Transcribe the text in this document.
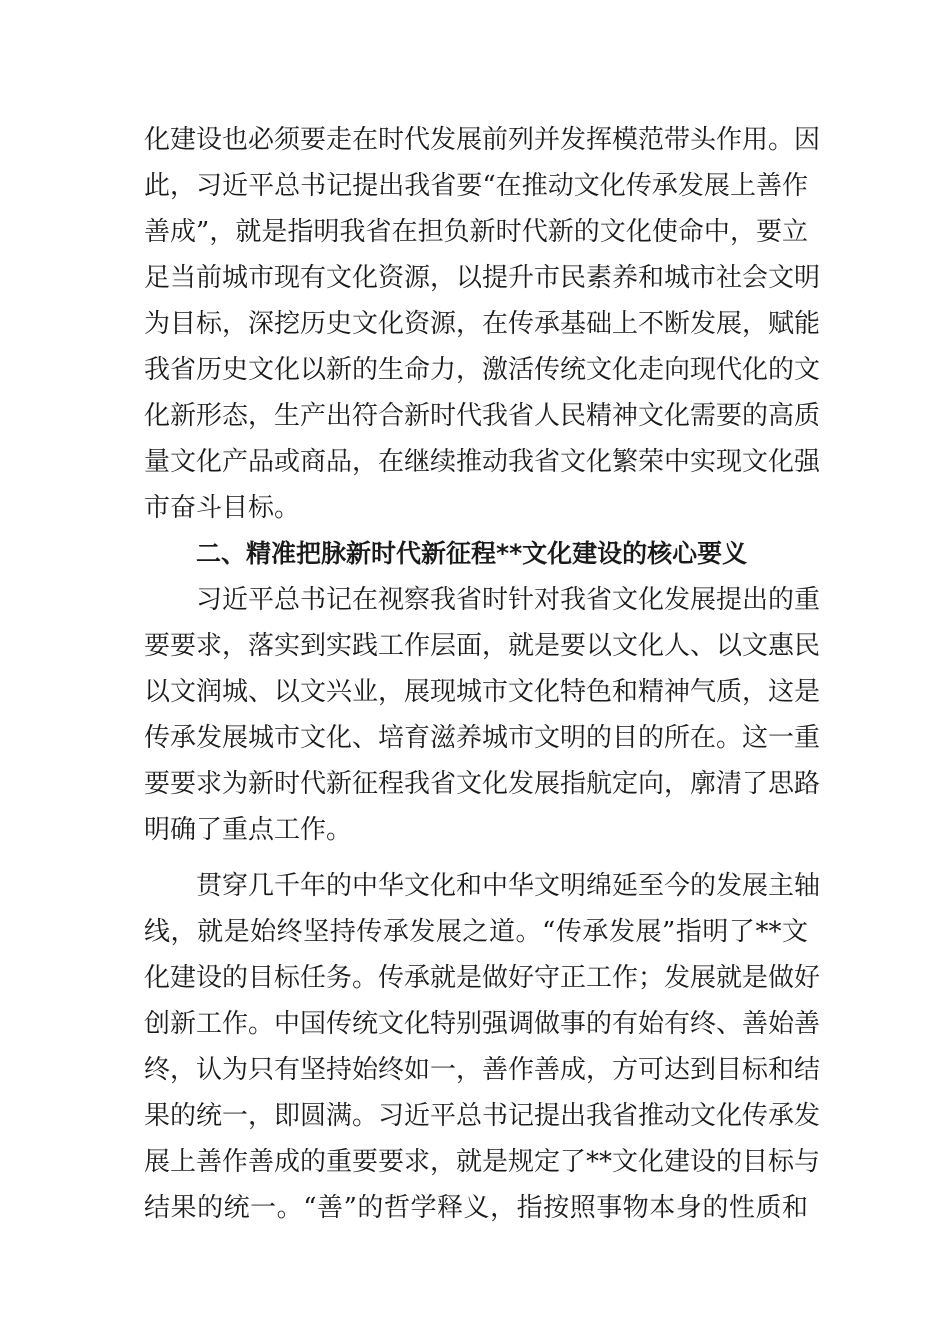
化建设也必须要走在时代发展前列并发挥模范带头作用。因
此，习近平总书记提出我省要“在推动文化传承发展上善作
善成”，就是指明我省在担负新时代新的文化使命中，要立
足当前城市现有文化资源，以提升市民素养和城市社会文明
为目标，深挖历史文化资源，在传承基础上不断发展，赋能
我省历史文化以新的生命力，激活传统文化走向现代化的文
化新形态，生产出符合新时代我省人民精神文化需要的高质
量文化产品或商品，在继续推动我省文化繁荣中实现文化强
市奋斗目标。
二、精准把脉新时代新征程**文化建设的核心要义
习近平总书记在视察我省时针对我省文化发展提出的重
要要求，落实到实践工作层面，就是要以文化人、以文惠民
以文润城、以文兴业，展现城市文化特色和精神气质，这是
传承发展城市文化、培育滋养城市文明的目的所在。这一重
要要求为新时代新征程我省文化发展指航定向，廓清了思路
明确了重点工作。
贯穿几千年的中华文化和中华文明绵延至今的发展主轴
线，就是始终坚持传承发展之道。“传承发展”指明了**文
化建设的目标任务。传承就是做好守正工作；发展就是做好
创新工作。中国传统文化特别强调做事的有始有终、善始善
终，认为只有坚持始终如一，善作善成，方可达到目标和结
果的统一，即圆满。习近平总书记提出我省推动文化传承发
展上善作善成的重要要求，就是规定了**文化建设的目标与
结果的统一。“善”的哲学释义，指按照事物本身的性质和
